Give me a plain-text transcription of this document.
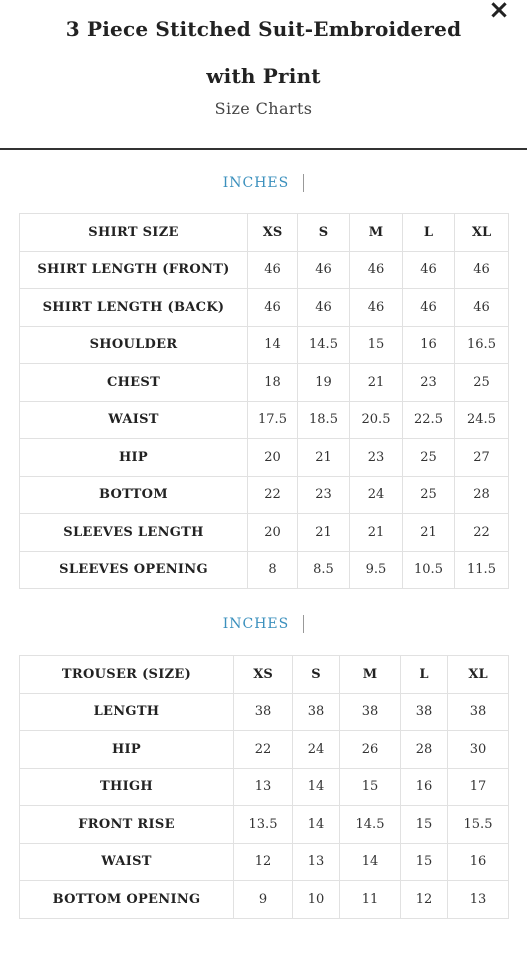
×
3 Piece Stitched Suit-Embroidered
with Print
Size Charts
INCHES
SHIRT SIZE	XS	S	M	L	XL
SHIRT LENGTH (FRONT)	46	46	46	46	46
SHIRT LENGTH (BACK)	46	46	46	46	46
SHOULDER	14	14.5	15	16	16.5
CHEST	18	19	21	23	25
WAIST	17.5	18.5	20.5	22.5	24.5
HIP	20	21	23	25	27
BOTTOM	22	23	24	25	28
SLEEVES LENGTH	20	21	21	21	22
SLEEVES OPENING	8	8.5	9.5	10.5	11.5
INCHES
TROUSER (SIZE)	XS	S	M	L	XL
LENGTH	38	38	38	38	38
HIP	22	24	26	28	30
THIGH	13	14	15	16	17
FRONT RISE	13.5	14	14.5	15	15.5
WAIST	12	13	14	15	16
BOTTOM OPENING	9	10	11	12	13
